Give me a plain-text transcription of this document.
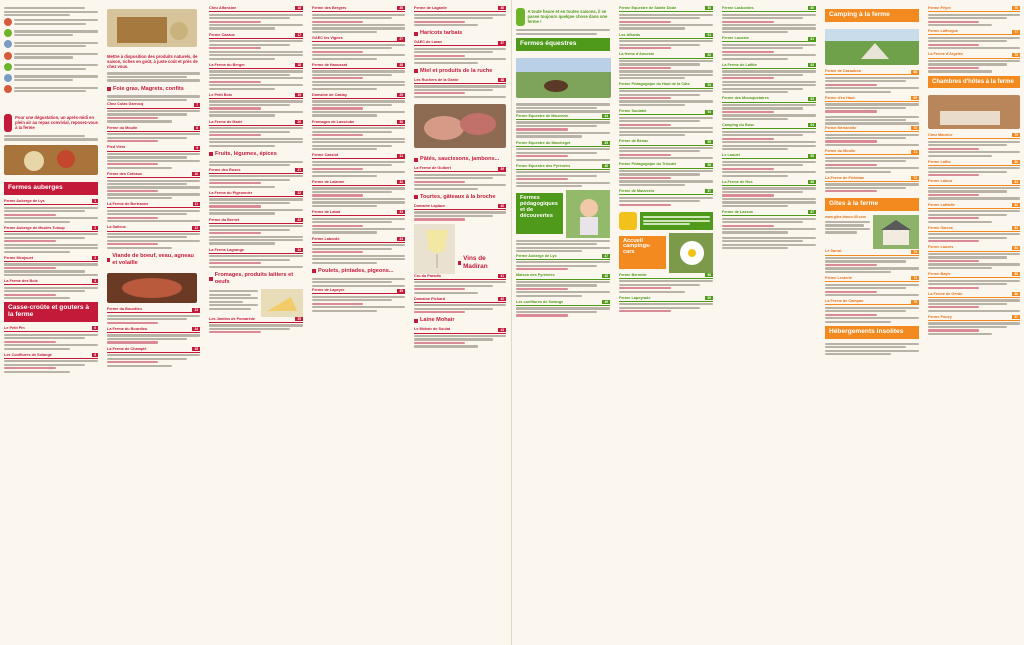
Pour une dégustation, un après-midi en plein air au repas convivial, reposez-vous à la ferme
Fermes auberges
Ferme Auberge de Lys	1
Ferme Auberge de Moulès Tuloup	2
Ferme Menjouet	3
La Ferme des Bois	4
Casse-croûte et gouters à la ferme
Le Petit Pin	6
Les Confitures de Solange	5
Mettre à disposition des produits naturels, de saison, riches en goût, à juste coût et près de chez vous.
Foie gras, Magrets, confits
Chez Colas Garrocq	7
Ferme du Moulin	8
Pied Viérs	9
Ferme des Coteaux	10
La Ferme de Bertranne	11
La Salieux	12
Viande de boeuf, veau, agneau et volaille
Ferme du Bourdieu	13
La Ferme du Bourdieu	14
La Ferme de Champié	15
Chez Alfonsine	16
Ferme Cazaux	17
La Ferme du Berger	18
Le Petit Bois	19
La Ferme de Mariè	20
Fruits, légumes, épices
Ferme des Roses	21
La Ferme du Pigeonnier	22
Ferme du Bernet	23
La Ferme Lagrange	24
Fromages, produits laitiers et oeufs
Les Jardins de Pomarède	25
Ferme des Bergers	26
GAEC les Vignes	27
Ferme de Haoussat	28
Domaine de Castay	29
Fromages de Lasséube	30
Ferme Cassiot	31
Ferme de Lalanne	32
Ferme de Labat	33
Ferme Laborde	34
Poulets, pintades, pigeons...
Ferme de Lapeyre	35
Ferme de Lagarde	36
Haricots tarbais
GAEC de Laran	37
Miel et produits de la ruche
Les Ruchers de la Garde	38
Pâtés, saucissons, jambons...
La Ferme de Guibert	39
Tourtes, gâteaux à la broche
Domaine Laplace	40
Vins de Madiran
Cru du Paradis	41
Domaine Pichard	42
Laine Mohair
Le Mohair de Soulat	43
A toute heure et en toutes saisons, il se passe toujours quelque chose dans une ferme !
Fermes équestres
Ferme Equestre de Mauvezin	44
Ferme Equestre du Marchéget	45
Ferme Equestre des Pyrénées	46
Fermes pédagogiques et de découvertes
Ferme Auberge de Lys	47
Maison des Pyrénées	48
Les confitures de Solange	49
Ferme Equestre de Sainte Dode	50
Les Alliants	51
La ferme d'Ancoste	52
Ferme Pédagogique du Haut de la Côte	53
Ferme Soulatet	54
Ferme de Bénac	55
Ferme Pédagogique du Trincalé	56
Ferme de Mauvezin	57
Accueil campings-cars
Ferme Bernède	58
Ferme Lapeyrade	59
Ferme Lasbordes	60
Ferme Lacoste	61
La Ferme de Lafitte	62
Ferme des Mousquetaires	63
Camping du Bosc	64
Le Laouet	65
La Ferme de Ros	66
Ferme de Lassus	67
Camping à la ferme
Ferme de Cazaubon	68
Ferme d'en Haut	69
Ferme Merlanette	70
Ferme du Moulin	71
La Ferme de Pédebas	72
Gîtes à la ferme
www.gites-france-65.com
Le Sarrat	73
Ferme Lesterle	74
La Ferme de Campan	75
Hébergements insolites
Ferme Pèyre	76
Ferme Lafforgue	77
La Ferme d'Argelès	78
Chambres d'hôtes à la ferme
Chez Maurice	79
Ferme Lafite	80
Ferme Latour	81
Ferme Laffaille	82
Ferme Garros	83
Ferme Lauzes	84
Ferme Bayle	85
La Ferme de Gerde	86
Ferme Pouey	87
